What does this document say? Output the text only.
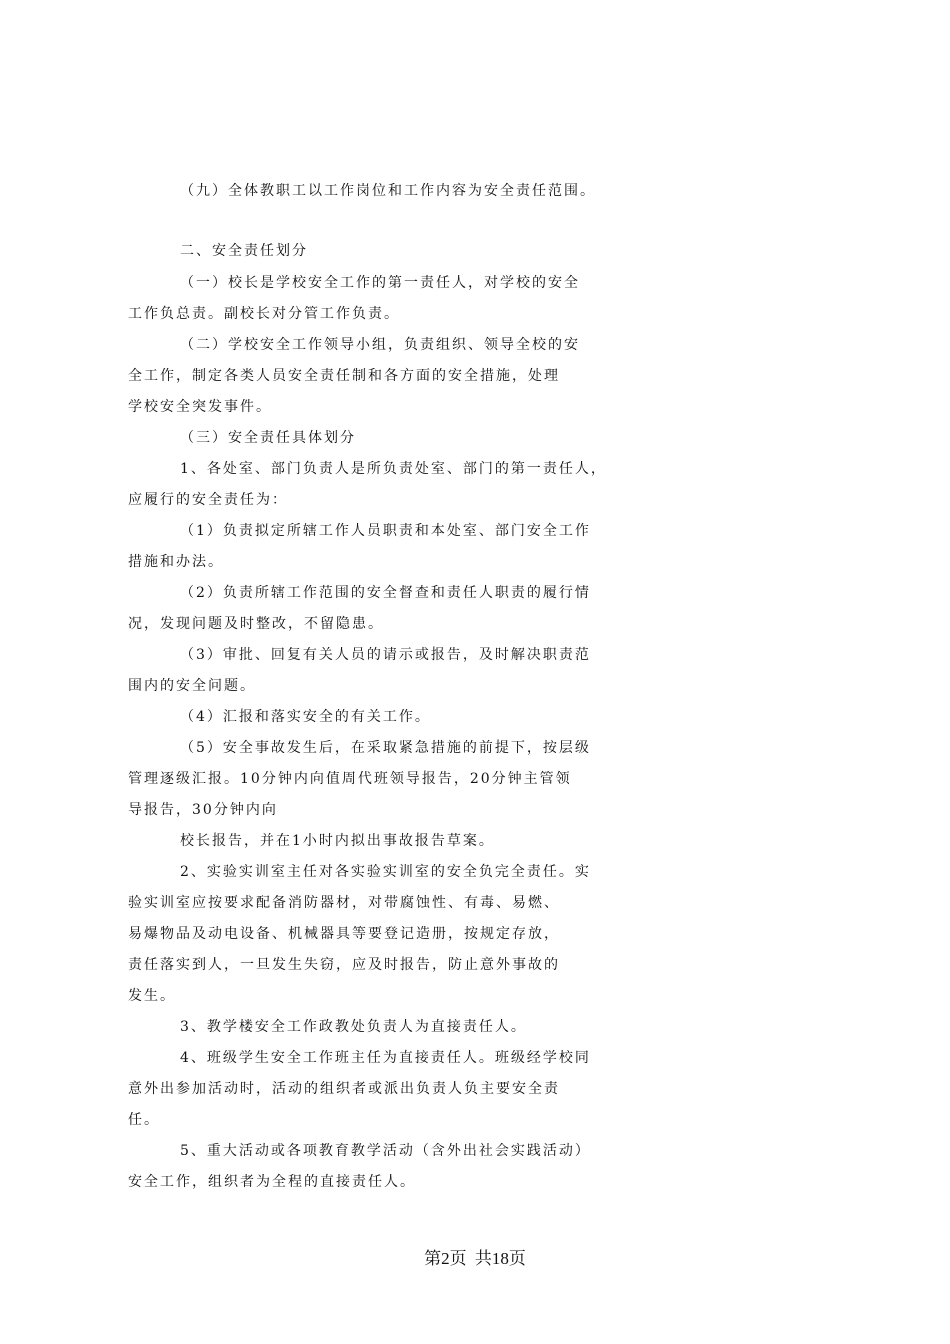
（九）全体教职工以工作岗位和工作内容为安全责任范围。

二、安全责任划分

（一）校长是学校安全工作的第一责任人，对学校的安全

工作负总责。副校长对分管工作负责。

（二）学校安全工作领导小组，负责组织、领导全校的安

全工作，制定各类人员安全责任制和各方面的安全措施，处理

学校安全突发事件。

（三）安全责任具体划分

1、各处室、部门负责人是所负责处室、部门的第一责任人，

应履行的安全责任为：

（1）负责拟定所辖工作人员职责和本处室、部门安全工作

措施和办法。

（2）负责所辖工作范围的安全督查和责任人职责的履行情

况，发现问题及时整改，不留隐患。

（3）审批、回复有关人员的请示或报告，及时解决职责范

围内的安全问题。

（4）汇报和落实安全的有关工作。

（5）安全事故发生后，在采取紧急措施的前提下，按层级

管理逐级汇报。10分钟内向值周代班领导报告，20分钟主管领

导报告，30分钟内向

校长报告，并在1小时内拟出事故报告草案。

2、实验实训室主任对各实验实训室的安全负完全责任。实

验实训室应按要求配备消防器材，对带腐蚀性、有毒、易燃、

易爆物品及动电设备、机械器具等要登记造册，按规定存放，

责任落实到人，一旦发生失窃，应及时报告，防止意外事故的

发生。

3、教学楼安全工作政教处负责人为直接责任人。

4、班级学生安全工作班主任为直接责任人。班级经学校同

意外出参加活动时，活动的组织者或派出负责人负主要安全责

任。

5、重大活动或各项教育教学活动（含外出社会实践活动）

安全工作，组织者为全程的直接责任人。

第2页 共18页
